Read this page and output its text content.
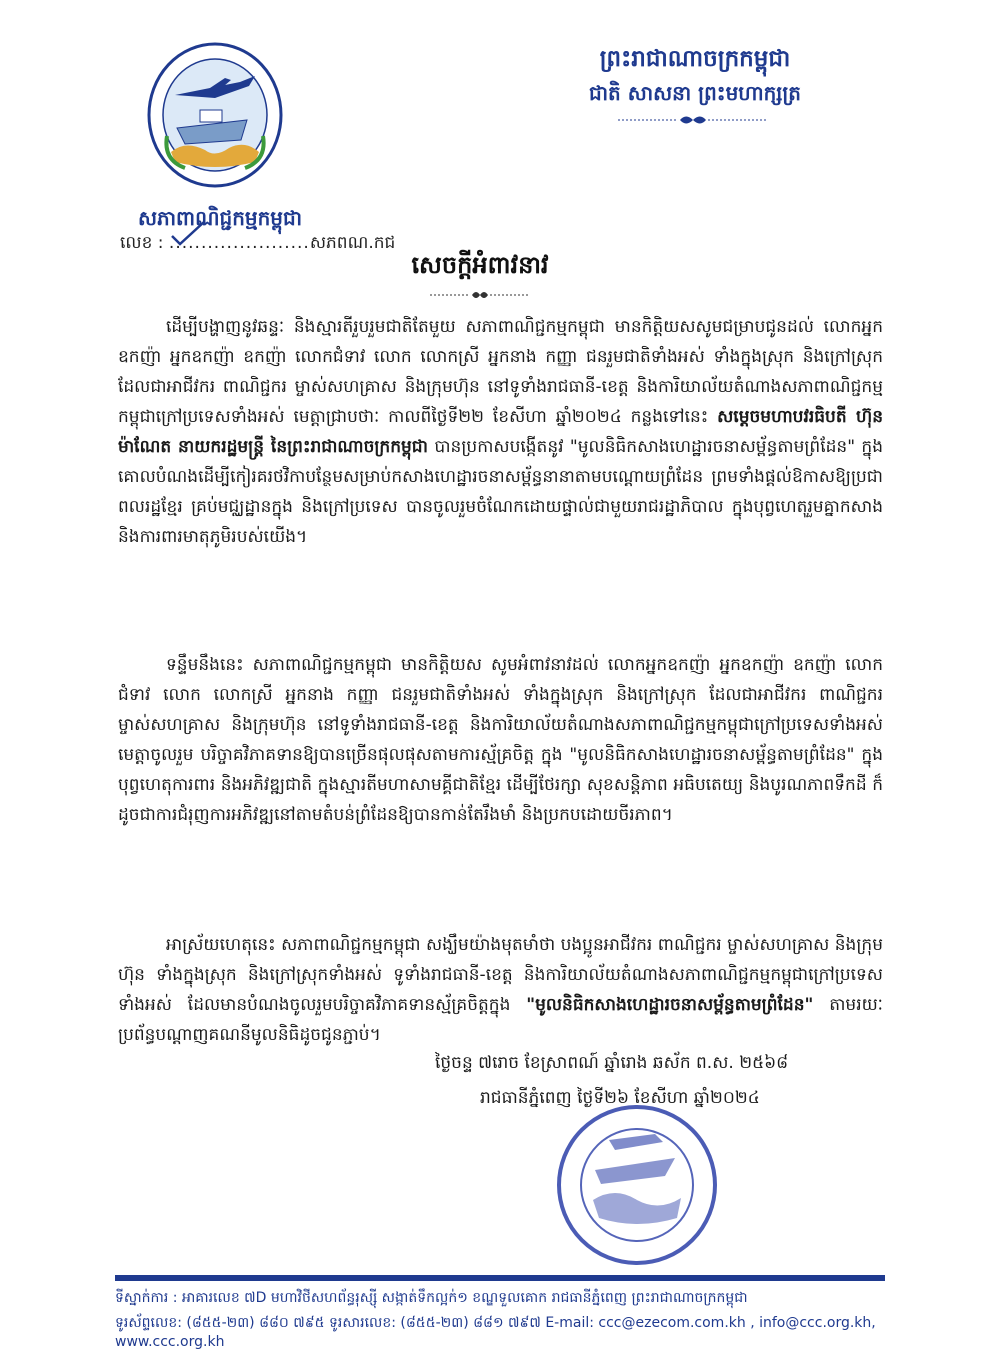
សភាពាណិជ្ជកម្មកម្ពុជា
លេខ : ......................សភពណ.កជ
ព្រះរាជាណាចក្រកម្ពុជា
ជាតិ សាសនា ព្រះមហាក្សត្រ
សេចក្តីអំពាវនាវ
ដើម្បីបង្ហាញនូវឆន្ទៈ និងស្មារតីរួបរួមជាតិតែមួយ សភាពាណិជ្ជកម្មកម្ពុជា មានកិត្តិយសសូមជម្រាបជូនដល់ លោកអ្នកឧកញ៉ា អ្នកឧកញ៉ា ឧកញ៉ា លោកជំទាវ លោក លោកស្រី អ្នកនាង កញ្ញា ជនរួមជាតិទាំងអស់ ទាំងក្នុងស្រុក និងក្រៅស្រុក ដែលជាអាជីវករ ពាណិជ្ជករ ម្ចាស់សហគ្រាស និងក្រុមហ៊ុន នៅទូទាំងរាជធានី-ខេត្ត និងការិយាល័យតំណាងសភាពាណិជ្ជកម្មកម្ពុជាក្រៅប្រទេសទាំងអស់ មេត្តាជ្រាបថាៈ កាលពីថ្ងៃទី២២ ខែសីហា ឆ្នាំ២០២៤ កន្លងទៅនេះ សម្តេចមហាបវរធិបតី ហ៊ុន ម៉ាណែត នាយករដ្ឋមន្ត្រី នៃព្រះរាជាណាចក្រកម្ពុជា បានប្រកាសបង្កើតនូវ "មូលនិធិកសាងហេដ្ឋារចនាសម្ព័ន្ធតាមព្រំដែន" ក្នុងគោលបំណងដើម្បីកៀរគរថវិកាបន្ថែមសម្រាប់កសាងហេដ្ឋារចនាសម្ព័ន្ធនានាតាមបណ្តោយព្រំដែន ព្រមទាំងផ្តល់ឱកាសឱ្យប្រជាពលរដ្ឋខ្មែរ គ្រប់មជ្ឈដ្ឋានក្នុង និងក្រៅប្រទេស បានចូលរួមចំណែកដោយផ្ទាល់ជាមួយរាជរដ្ឋាភិបាល ក្នុងបុព្វហេតុរួមគ្នាកសាង និងការពារមាតុភូមិរបស់យើង។
ទន្ទឹមនឹងនេះ សភាពាណិជ្ជកម្មកម្ពុជា មានកិត្តិយស សូមអំពាវនាវដល់ លោកអ្នកឧកញ៉ា អ្នកឧកញ៉ា ឧកញ៉ា លោកជំទាវ លោក លោកស្រី អ្នកនាង កញ្ញា ជនរួមជាតិទាំងអស់ ទាំងក្នុងស្រុក និងក្រៅស្រុក ដែលជាអាជីវករ ពាណិជ្ជករ ម្ចាស់សហគ្រាស និងក្រុមហ៊ុន នៅទូទាំងរាជធានី-ខេត្ត និងការិយាល័យតំណាងសភាពាណិជ្ជកម្មកម្ពុជាក្រៅប្រទេសទាំងអស់ មេត្តាចូលរួម បរិច្ចាគវិភាគទានឱ្យបានច្រើនផុលផុសតាមការស្ម័គ្រចិត្ត ក្នុង "មូលនិធិកសាងហេដ្ឋារចនាសម្ព័ន្ធតាមព្រំដែន" ក្នុងបុព្វហេតុការពារ និងអភិវឌ្ឍជាតិ ក្នុងស្មារតីមហាសាមគ្គីជាតិខ្មែរ ដើម្បីថែរក្សា សុខសន្តិភាព អធិបតេយ្យ និងបូរណភាពទឹកដី ក៏ដូចជាការជំរុញការអភិវឌ្ឍនៅតាមតំបន់ព្រំដែនឱ្យបានកាន់តែរឹងមាំ និងប្រកបដោយចីរភាព។
អាស្រ័យហេតុនេះ សភាពាណិជ្ជកម្មកម្ពុជា សង្ឃឹមយ៉ាងមុតមាំថា បងប្អូនអាជីវករ ពាណិជ្ជករ ម្ចាស់សហគ្រាស និងក្រុមហ៊ុន ទាំងក្នុងស្រុក និងក្រៅស្រុកទាំងអស់ ទូទាំងរាជធានី-ខេត្ត និងការិយាល័យតំណាងសភាពាណិជ្ជកម្មកម្ពុជាក្រៅប្រទេសទាំងអស់ ដែលមានបំណងចូលរួមបរិច្ចាគវិភាគទានស្ម័គ្រចិត្តក្នុង "មូលនិធិកសាងហេដ្ឋារចនាសម្ព័ន្ធតាមព្រំដែន" តាមរយៈប្រព័ន្ធបណ្តាញគណនីមូលនិធិដូចជូនភ្ជាប់។
ថ្ងៃចន្ទ ៧រោច ខែស្រាពណ៍ ឆ្នាំរោង ឆស័ក ព.ស. ២៥៦៨
រាជធានីភ្នំពេញ ថ្ងៃទី២៦ ខែសីហា ឆ្នាំ២០២៤
ទីស្នាក់ការ : អាគារលេខ ៧D មហាវិថីសហព័ន្ធរុស្ស៊ី សង្កាត់ទឹកល្អក់១ ខណ្ឌទួលគោក រាជធានីភ្នំពេញ ព្រះរាជាណាចក្រកម្ពុជា
ទូរស័ព្ទលេខ: (៨៥៥-២៣) ៨៨០ ៧៩៥ ទូរសារលេខ: (៨៥៥-២៣) ៨៨១ ៧៩៧ E-mail: ccc@ezecom.com.kh , info@ccc.org.kh, www.ccc.org.kh
